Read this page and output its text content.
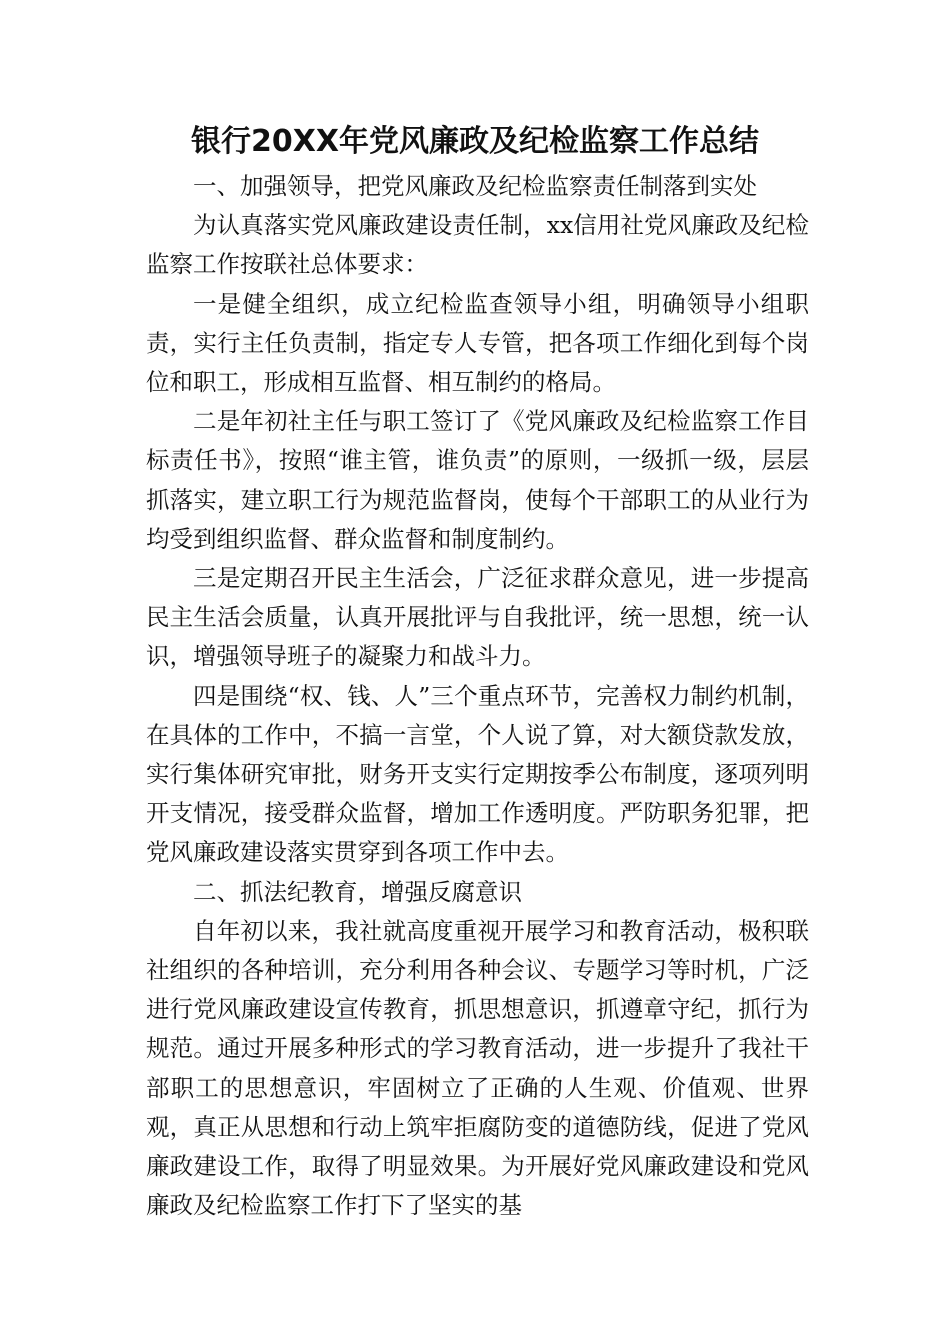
银行20XX年党风廉政及纪检监察工作总结

一、加强领导，把党风廉政及纪检监察责任制落到实处

为认真落实党风廉政建设责任制，xx信用社党风廉政及纪检监察工作按联社总体要求：

一是健全组织，成立纪检监查领导小组，明确领导小组职责，实行主任负责制，指定专人专管，把各项工作细化到每个岗位和职工，形成相互监督、相互制约的格局。

二是年初社主任与职工签订了《党风廉政及纪检监察工作目标责任书》，按照“谁主管，谁负责”的原则，一级抓一级，层层抓落实，建立职工行为规范监督岗，使每个干部职工的从业行为均受到组织监督、群众监督和制度制约。

三是定期召开民主生活会，广泛征求群众意见，进一步提高民主生活会质量，认真开展批评与自我批评，统一思想，统一认识，增强领导班子的凝聚力和战斗力。

四是围绕“权、钱、人”三个重点环节，完善权力制约机制，在具体的工作中，不搞一言堂，个人说了算，对大额贷款发放，实行集体研究审批，财务开支实行定期按季公布制度，逐项列明开支情况，接受群众监督，增加工作透明度。严防职务犯罪，把党风廉政建设落实贯穿到各项工作中去。

二、抓法纪教育，增强反腐意识

自年初以来，我社就高度重视开展学习和教育活动，极积联社组织的各种培训，充分利用各种会议、专题学习等时机，广泛进行党风廉政建设宣传教育，抓思想意识，抓遵章守纪，抓行为规范。通过开展多种形式的学习教育活动，进一步提升了我社干部职工的思想意识，牢固树立了正确的人生观、价值观、世界观，真正从思想和行动上筑牢拒腐防变的道德防线，促进了党风廉政建设工作，取得了明显效果。为开展好党风廉政建设和党风廉政及纪检监察工作打下了坚实的基
